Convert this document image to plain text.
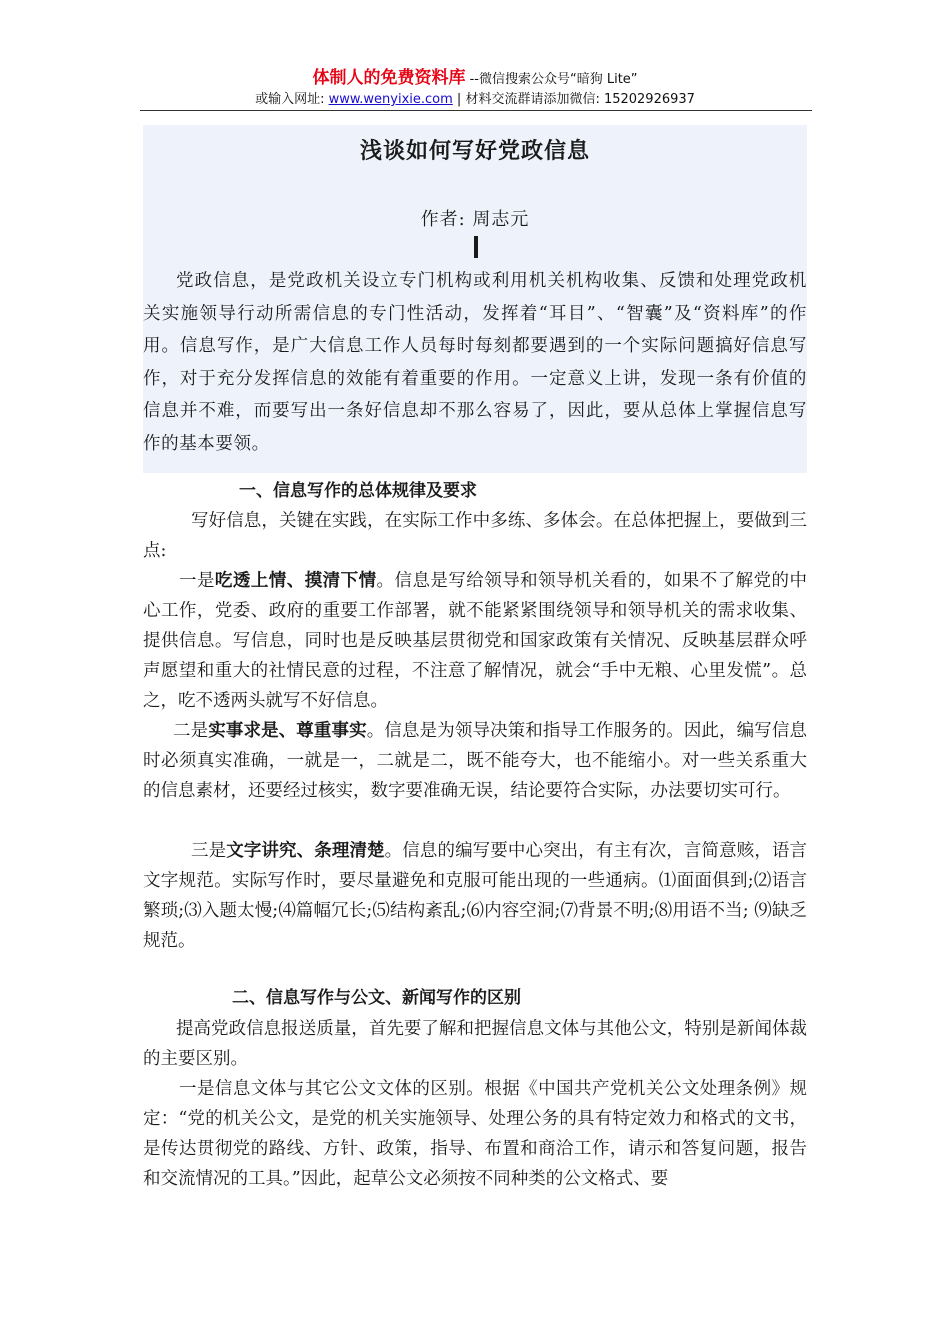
体制人的免费资料库 --微信搜索公众号“暗狗 Lite”
或输入网址: www.wenyixie.com | 材料交流群请添加微信: 15202926937
浅谈如何写好党政信息
作者: 周志元

党政信息，是党政机关设立专门机构或利用机关机构收集、反馈和处理党政机关实施领导行动所需信息的专门性活动，发挥着“耳目”、“智囊”及“资料库”的作用。信息写作，是广大信息工作人员每时每刻都要遇到的一个实际问题搞好信息写作，对于充分发挥信息的效能有着重要的作用。一定意义上讲，发现一条有价值的信息并不难，而要写出一条好信息却不那么容易了，因此，要从总体上掌握信息写作的基本要领。

一、信息写作的总体规律及要求

写好信息，关键在实践，在实际工作中多练、多体会。在总体把握上，要做到三点:

一是吃透上情、摸清下情。信息是写给领导和领导机关看的，如果不了解党的中心工作，党委、政府的重要工作部署，就不能紧紧围绕领导和领导机关的需求收集、提供信息。写信息，同时也是反映基层贯彻党和国家政策有关情况、反映基层群众呼声愿望和重大的社情民意的过程，不注意了解情况，就会“手中无粮、心里发慌”。总之，吃不透两头就写不好信息。

二是实事求是、尊重事实。信息是为领导决策和指导工作服务的。因此，编写信息时必须真实准确，一就是一，二就是二，既不能夸大，也不能缩小。对一些关系重大的信息素材，还要经过核实，数字要准确无误，结论要符合实际，办法要切实可行。

三是文字讲究、条理清楚。信息的编写要中心突出，有主有次，言简意赅，语言文字规范。实际写作时，要尽量避免和克服可能出现的一些通病。⑴面面俱到;⑵语言繁琐;⑶入题太慢;⑷篇幅冗长;⑸结构紊乱;⑹内容空洞;⑺背景不明;⑻用语不当; ⑼缺乏规范。

二、信息写作与公文、新闻写作的区别

提高党政信息报送质量，首先要了解和把握信息文体与其他公文，特别是新闻体裁的主要区别。

一是信息文体与其它公文文体的区别。根据《中国共产党机关公文处理条例》规定：“党的机关公文，是党的机关实施领导、处理公务的具有特定效力和格式的文书，是传达贯彻党的路线、方针、政策，指导、布置和商洽工作，请示和答复问题，报告和交流情况的工具。”因此，起草公文必须按不同种类的公文格式、要
